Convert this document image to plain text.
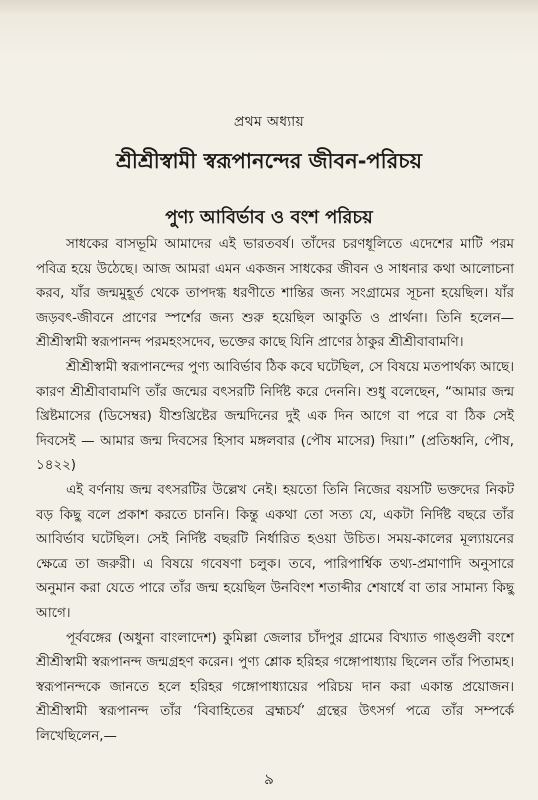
প্রথম অধ্যায়
শ্রীশ্রীস্বামী স্বরূপানন্দের জীবন-পরিচয়
পুণ্য আবির্ভাব ও বংশ পরিচয়

সাধকের বাসভূমি আমাদের এই ভারতবর্ষ। তাঁদের চরণধূলিতে এদেশের মাটি পরম পবিত্র হয়ে উঠেছে। আজ আমরা এমন একজন সাধকের জীবন ও সাধনার কথা আলোচনা করব, যাঁর জন্মমুহূর্ত থেকে তাপদগ্ধ ধরণীতে শান্তির জন্য সংগ্রামের সূচনা হয়েছিল। যাঁর জড়বৎ-জীবনে প্রাণের স্পর্শের জন্য শুরু হয়েছিল আকুতি ও প্রার্থনা। তিনি হলেন—শ্রীশ্রীস্বামী স্বরূপানন্দ পরমহংসদেব, ভক্তের কাছে যিনি প্রাণের ঠাকুর শ্রীশ্রীবাবামণি।

শ্রীশ্রীস্বামী স্বরূপানন্দের পুণ্য আবির্ভাব ঠিক কবে ঘটেছিল, সে বিষয়ে মতপার্থক্য আছে। কারণ শ্রীশ্রীবাবামণি তাঁর জন্মের বৎসরটি নির্দিষ্ট করে দেননি। শুধু বলেছেন, “আমার জন্ম খ্রিষ্টমাসের (ডিসেম্বর) যীশুখ্রিষ্টের জন্মদিনের দুই এক দিন আগে বা পরে বা ঠিক সেই দিবসেই — আমার জন্ম দিবসের হিসাব মঙ্গলবার (পৌষ মাসের) দিয়া।” (প্রতিধ্বনি, পৌষ, ১৪২২)

এই বর্ণনায় জন্ম বৎসরটির উল্লেখ নেই। হয়তো তিনি নিজের বয়সটি ভক্তদের নিকট বড় কিছু বলে প্রকাশ করতে চাননি। কিন্তু একথা তো সত্য যে, একটা নির্দিষ্ট বছরে তাঁর আবির্ভাব ঘটেছিল। সেই নির্দিষ্ট বছরটি নির্ধারিত হওয়া উচিত। সময়-কালের মূল্যায়নের ক্ষেত্রে তা জরুরী। এ বিষয়ে গবেষণা চলুক। তবে, পারিপার্শ্বিক তথ্য-প্রমাণাদি অনুসারে অনুমান করা যেতে পারে তাঁর জন্ম হয়েছিল উনবিংশ শতাব্দীর শেষার্ধে বা তার সামান্য কিছু আগে।

পূর্ববঙ্গের (অধুনা বাংলাদেশ) কুমিল্লা জেলার চাঁদপুর গ্রামের বিখ্যাত গাঙ্গুলী বংশে শ্রীশ্রীস্বামী স্বরূপানন্দ জন্মগ্রহণ করেন। পুণ্য শ্লোক হরিহর গঙ্গোপাধ্যায় ছিলেন তাঁর পিতামহ। স্বরূপানন্দকে জানতে হলে হরিহর গঙ্গোপাধ্যায়ের পরিচয় দান করা একান্ত প্রয়োজন। শ্রীশ্রীস্বামী স্বরূপানন্দ তাঁর ‘বিবাহিতের ব্রহ্মচর্য’ গ্রন্থের উৎসর্গ পত্রে তাঁর সম্পর্কে লিখেছিলেন,—

৯
